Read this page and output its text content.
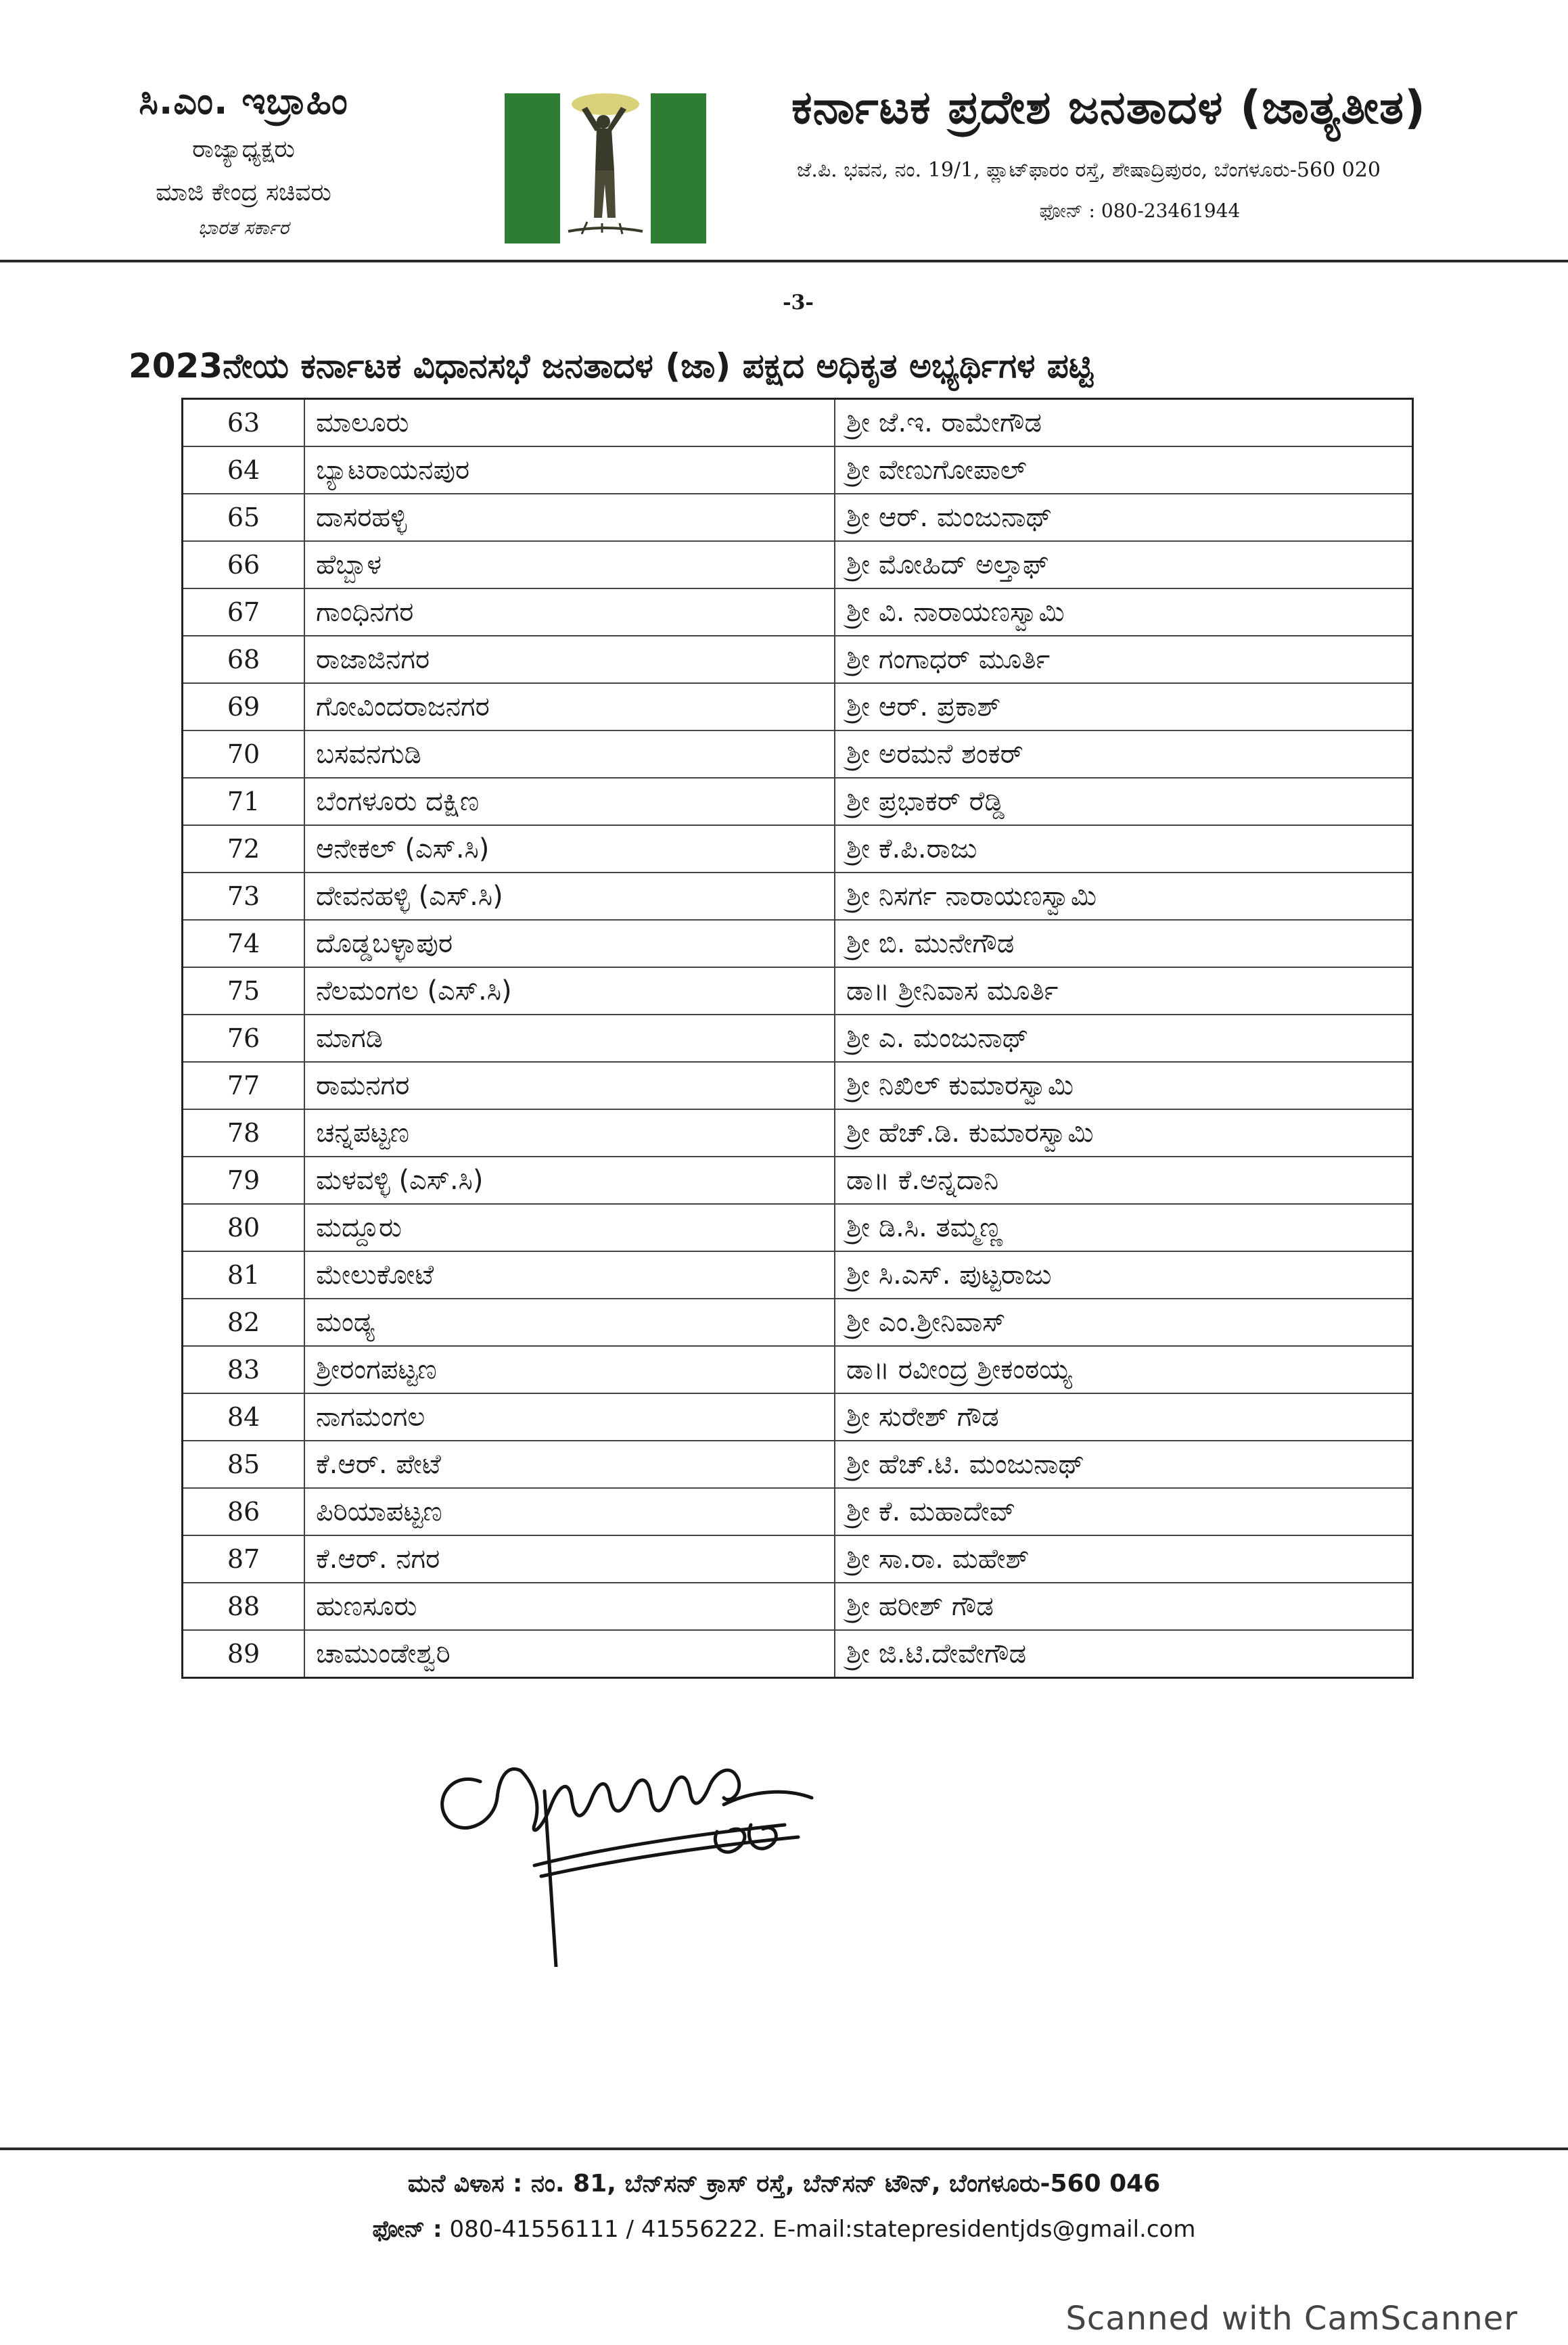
ಸಿ.ಎಂ. ಇಬ್ರಾಹಿಂ
ರಾಜ್ಯಾಧ್ಯಕ್ಷರು
ಮಾಜಿ ಕೇಂದ್ರ ಸಚಿವರು
ಭಾರತ ಸರ್ಕಾರ
ಕರ್ನಾಟಕ ಪ್ರದೇಶ ಜನತಾದಳ (ಜಾತ್ಯತೀತ)
ಜೆ.ಪಿ. ಭವನ, ನಂ. 19/1, ಪ್ಲಾಟ್‌ಫಾರಂ ರಸ್ತೆ, ಶೇಷಾದ್ರಿಪುರಂ, ಬೆಂಗಳೂರು-560 020
ಫೋನ್ : 080-23461944
-3-
2023ನೇಯ ಕರ್ನಾಟಕ ವಿಧಾನಸಭೆ ಜನತಾದಳ (ಜಾ) ಪಕ್ಷದ ಅಧಿಕೃತ ಅಭ್ಯರ್ಥಿಗಳ ಪಟ್ಟಿ
63	ಮಾಲೂರು	ಶ್ರೀ ಜೆ.ಇ. ರಾಮೇಗೌಡ
64	ಬ್ಯಾಟರಾಯನಪುರ	ಶ್ರೀ ವೇಣುಗೋಪಾಲ್
65	ದಾಸರಹಳ್ಳಿ	ಶ್ರೀ ಆರ್. ಮಂಜುನಾಥ್
66	ಹೆಬ್ಬಾಳ	ಶ್ರೀ ಮೋಹಿದ್ ಅಲ್ತಾಫ್
67	ಗಾಂಧಿನಗರ	ಶ್ರೀ ವಿ. ನಾರಾಯಣಸ್ವಾಮಿ
68	ರಾಜಾಜಿನಗರ	ಶ್ರೀ ಗಂಗಾಧರ್ ಮೂರ್ತಿ
69	ಗೋವಿಂದರಾಜನಗರ	ಶ್ರೀ ಆರ್. ಪ್ರಕಾಶ್
70	ಬಸವನಗುಡಿ	ಶ್ರೀ ಅರಮನೆ ಶಂಕರ್
71	ಬೆಂಗಳೂರು ದಕ್ಷಿಣ	ಶ್ರೀ ಪ್ರಭಾಕರ್ ರೆಡ್ಡಿ
72	ಆನೇಕಲ್ (ಎಸ್.ಸಿ)	ಶ್ರೀ ಕೆ.ಪಿ.ರಾಜು
73	ದೇವನಹಳ್ಳಿ (ಎಸ್.ಸಿ)	ಶ್ರೀ ನಿಸರ್ಗ ನಾರಾಯಣಸ್ವಾಮಿ
74	ದೊಡ್ಡಬಳ್ಳಾಪುರ	ಶ್ರೀ ಬಿ. ಮುನೇಗೌಡ
75	ನೆಲಮಂಗಲ (ಎಸ್.ಸಿ)	ಡಾ॥ ಶ್ರೀನಿವಾಸ ಮೂರ್ತಿ
76	ಮಾಗಡಿ	ಶ್ರೀ ಎ. ಮಂಜುನಾಥ್
77	ರಾಮನಗರ	ಶ್ರೀ ನಿಖಿಲ್ ಕುಮಾರಸ್ವಾಮಿ
78	ಚನ್ನಪಟ್ಟಣ	ಶ್ರೀ ಹೆಚ್.ಡಿ. ಕುಮಾರಸ್ವಾಮಿ
79	ಮಳವಳ್ಳಿ (ಎಸ್.ಸಿ)	ಡಾ॥ ಕೆ.ಅನ್ನದಾನಿ
80	ಮದ್ದೂರು	ಶ್ರೀ ಡಿ.ಸಿ. ತಮ್ಮಣ್ಣ
81	ಮೇಲುಕೋಟೆ	ಶ್ರೀ ಸಿ.ಎಸ್. ಪುಟ್ಟರಾಜು
82	ಮಂಡ್ಯ	ಶ್ರೀ ಎಂ.ಶ್ರೀನಿವಾಸ್
83	ಶ್ರೀರಂಗಪಟ್ಟಣ	ಡಾ॥ ರವೀಂದ್ರ ಶ್ರೀಕಂಠಯ್ಯ
84	ನಾಗಮಂಗಲ	ಶ್ರೀ ಸುರೇಶ್ ಗೌಡ
85	ಕೆ.ಆರ್. ಪೇಟೆ	ಶ್ರೀ ಹೆಚ್.ಟಿ. ಮಂಜುನಾಥ್
86	ಪಿರಿಯಾಪಟ್ಟಣ	ಶ್ರೀ ಕೆ. ಮಹಾದೇವ್
87	ಕೆ.ಆರ್. ನಗರ	ಶ್ರೀ ಸಾ.ರಾ. ಮಹೇಶ್
88	ಹುಣಸೂರು	ಶ್ರೀ ಹರೀಶ್ ಗೌಡ
89	ಚಾಮುಂಡೇಶ್ವರಿ	ಶ್ರೀ ಜಿ.ಟಿ.ದೇವೇಗೌಡ
ಮನೆ ವಿಳಾಸ : ನಂ. 81, ಬೆನ್‌ಸನ್ ಕ್ರಾಸ್ ರಸ್ತೆ, ಬೆನ್‌ಸನ್ ಟೌನ್, ಬೆಂಗಳೂರು-560 046
ಫೋನ್ : 080-41556111 / 41556222. E-mail:statepresidentjds@gmail.com
Scanned with CamScanner
